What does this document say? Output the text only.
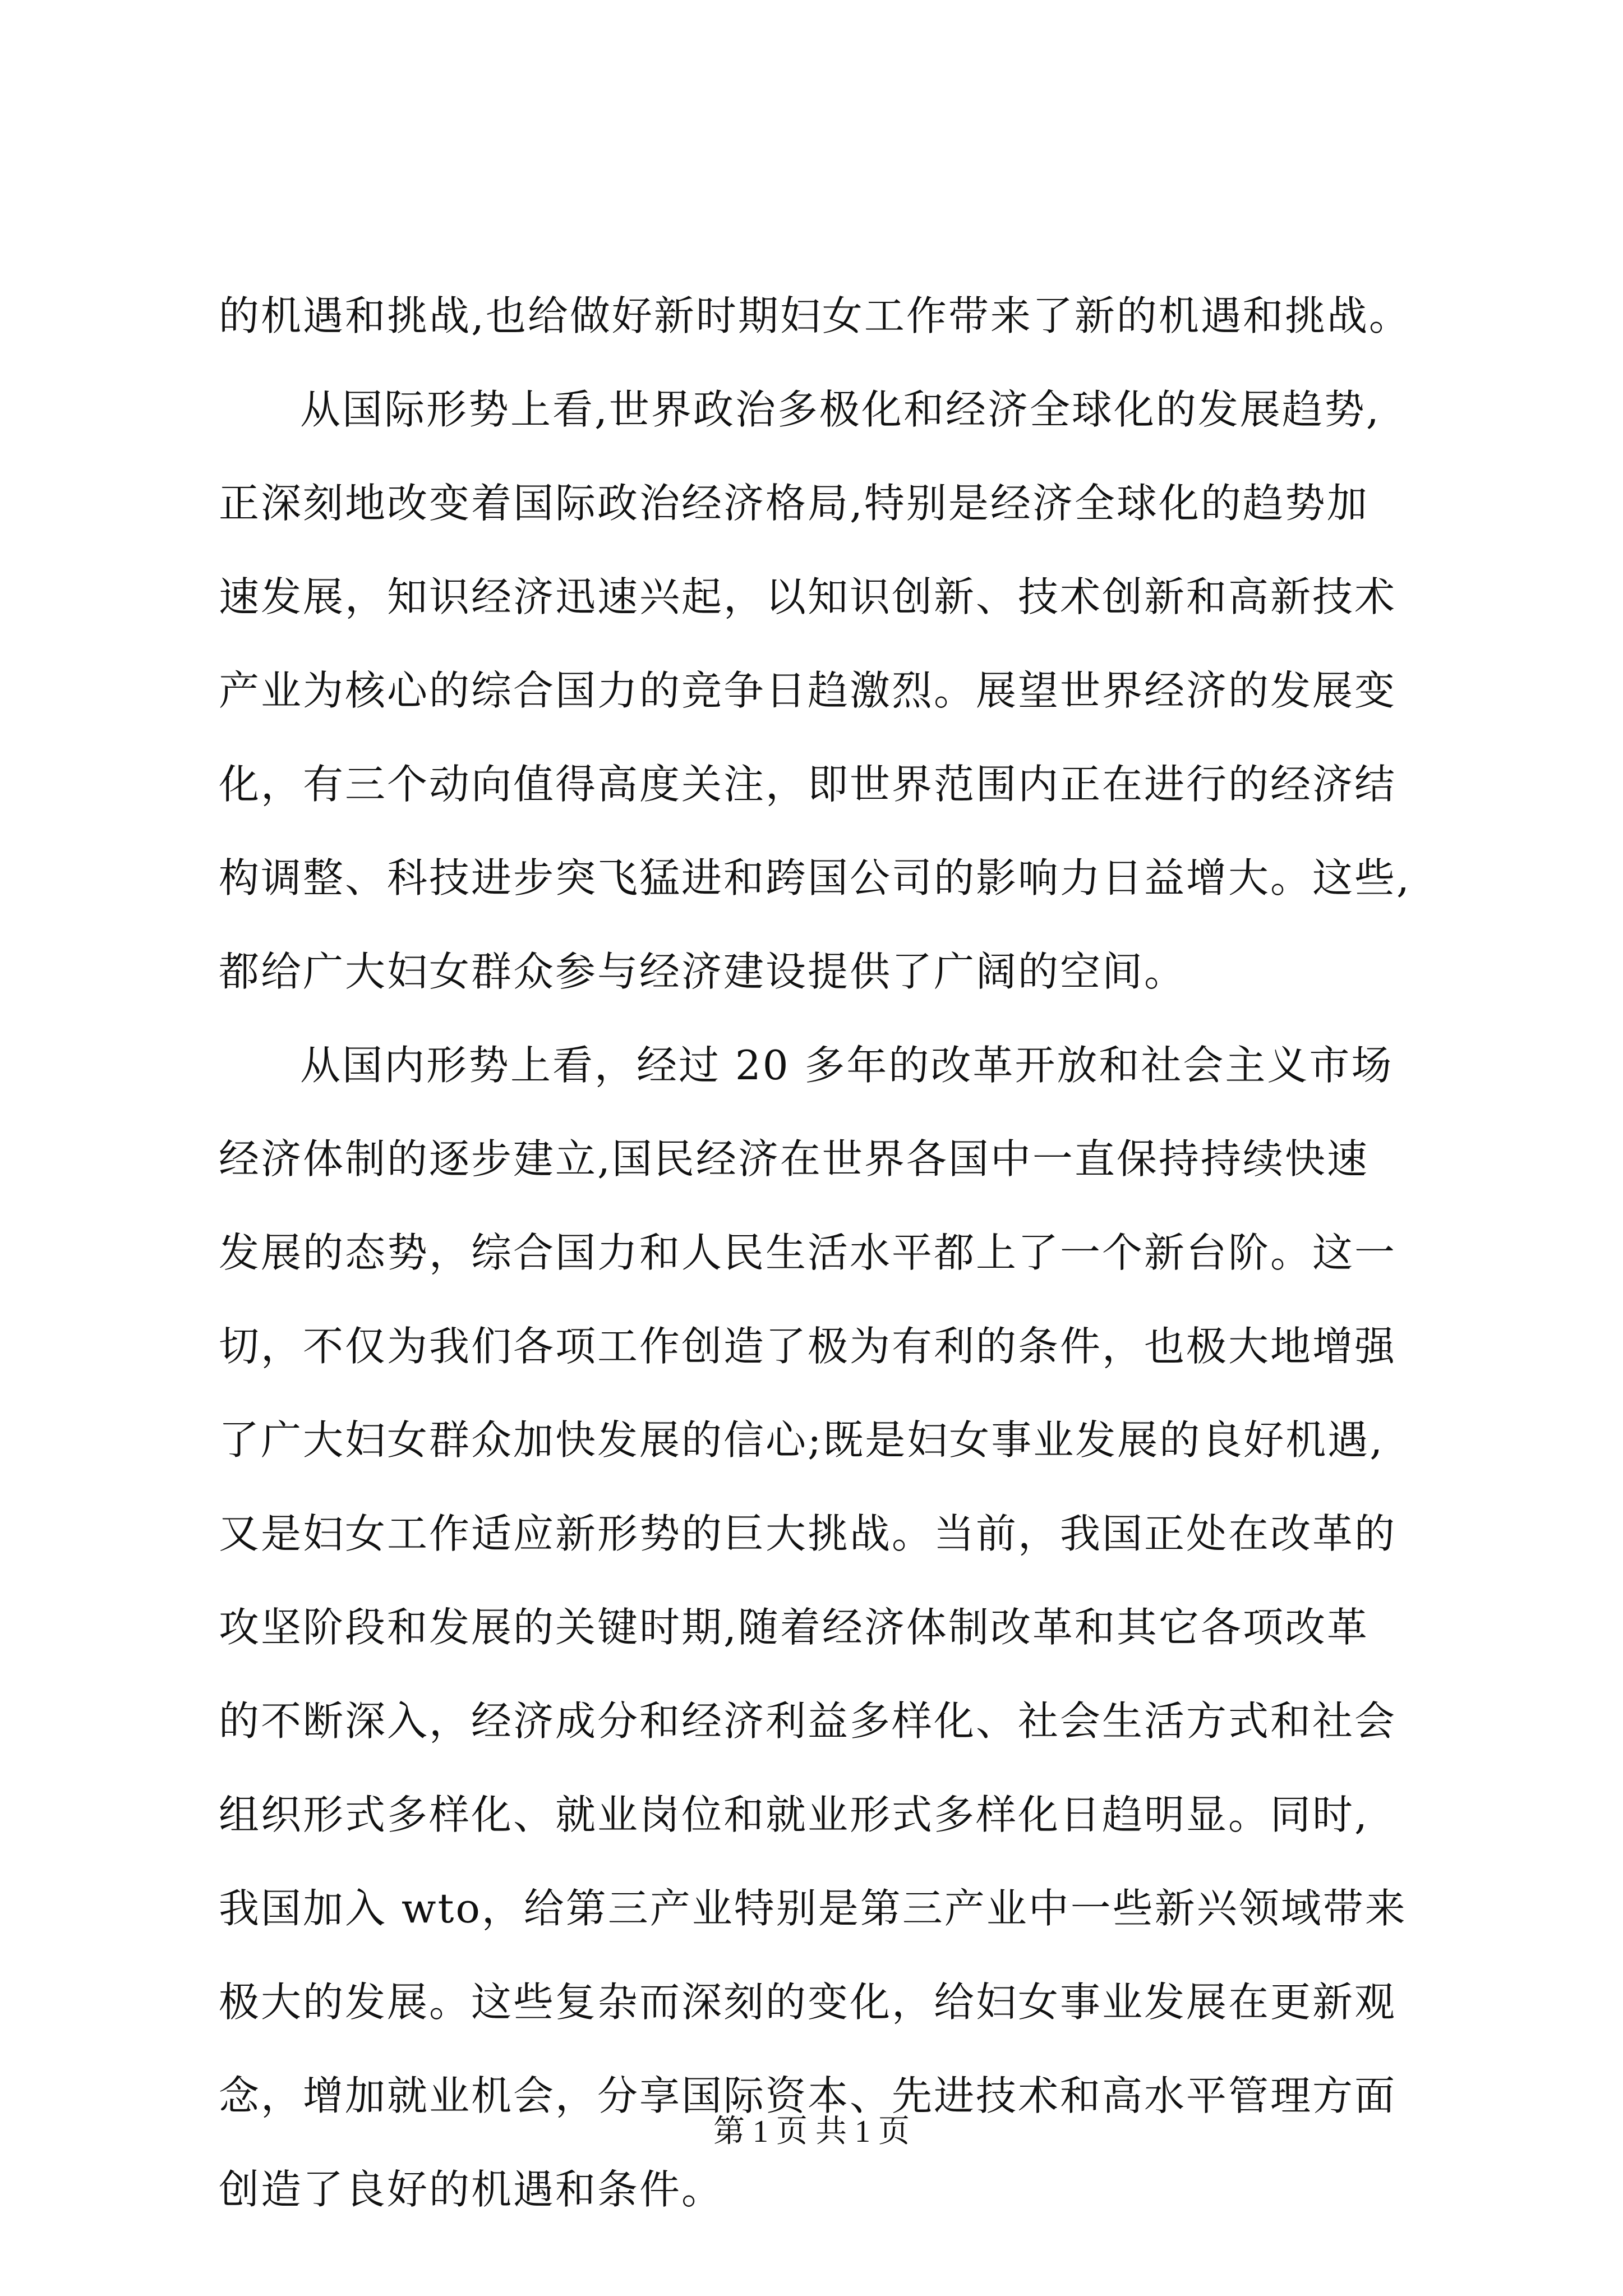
的机遇和挑战,也给做好新时期妇女工作带来了新的机遇和挑战。
从国际形势上看,世界政治多极化和经济全球化的发展趋势,
正深刻地改变着国际政治经济格局,特别是经济全球化的趋势加
速发展，知识经济迅速兴起，以知识创新、技术创新和高新技术
产业为核心的综合国力的竞争日趋激烈。展望世界经济的发展变
化，有三个动向值得高度关注，即世界范围内正在进行的经济结
构调整、科技进步突飞猛进和跨国公司的影响力日益增大。这些,
都给广大妇女群众参与经济建设提供了广阔的空间。
从国内形势上看，经过 20 多年的改革开放和社会主义市场
经济体制的逐步建立,国民经济在世界各国中一直保持持续快速
发展的态势，综合国力和人民生活水平都上了一个新台阶。这一
切，不仅为我们各项工作创造了极为有利的条件，也极大地增强
了广大妇女群众加快发展的信心;既是妇女事业发展的良好机遇,
又是妇女工作适应新形势的巨大挑战。当前，我国正处在改革的
攻坚阶段和发展的关键时期,随着经济体制改革和其它各项改革
的不断深入，经济成分和经济利益多样化、社会生活方式和社会
组织形式多样化、就业岗位和就业形式多样化日趋明显。同时,
我国加入 wto，给第三产业特别是第三产业中一些新兴领域带来
极大的发展。这些复杂而深刻的变化，给妇女事业发展在更新观
念，增加就业机会，分享国际资本、先进技术和高水平管理方面
创造了良好的机遇和条件。
第 1 页 共 1 页
